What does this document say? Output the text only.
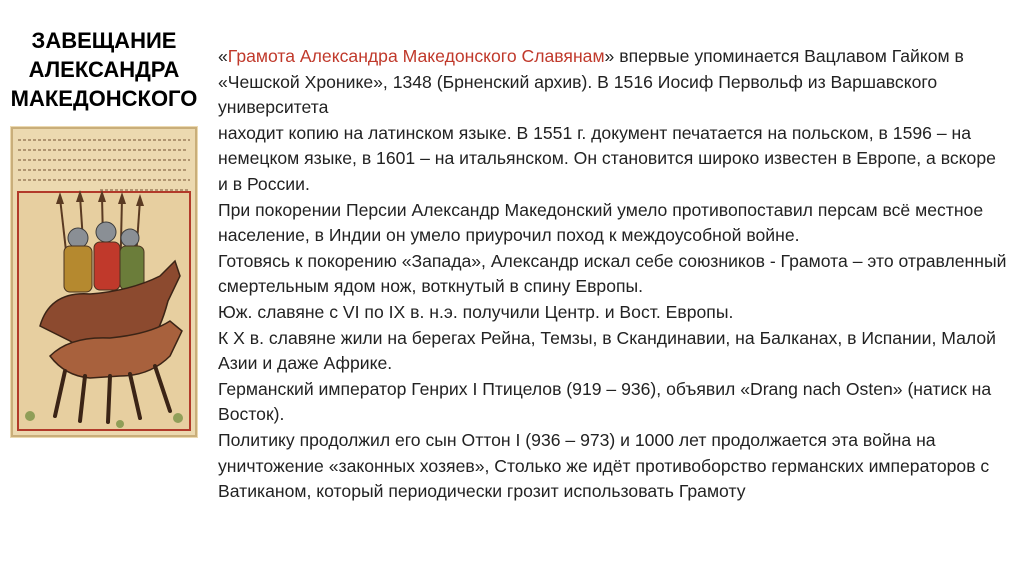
ЗАВЕЩАНИЕ
АЛЕКСАНДРА
МАКЕДОНСКОГО

«Грамота Александра Македонского Славянам» впервые упоминается Вацлавом Гайком в «Чешской Хронике», 1348 (Брненский архив). В 1516 Иосиф Первольф из Варшавского университета

находит копию на латинском языке. В 1551 г. документ печатается на польском, в 1596 – на немецком языке, в 1601 – на итальянском. Он становится широко известен в Европе, а вскоре и в России.

При покорении Персии Александр Македонский умело противопоставил персам всё местное население, в Индии он умело приурочил поход к междоусобной войне.

Готовясь к покорению «Запада», Александр искал себе союзников - Грамота – это отравленный смертельным ядом нож, воткнутый в спину Европы.

Юж. славяне с VI по IX в. н.э. получили Центр. и Вост. Европы.

К Х в. славяне жили на берегах Рейна, Темзы, в Скандинавии, на Балканах, в Испании, Малой Азии и даже Африке.

Германский император Генрих I Птицелов (919 – 936), объявил «Drang nach Osten» (натиск на Восток).

Политику продолжил его сын Оттон I (936 – 973) и 1000 лет продолжается эта война на уничтожение «законных хозяев», Столько же идёт противоборство германских императоров с Ватиканом, который периодически грозит использовать Грамоту
